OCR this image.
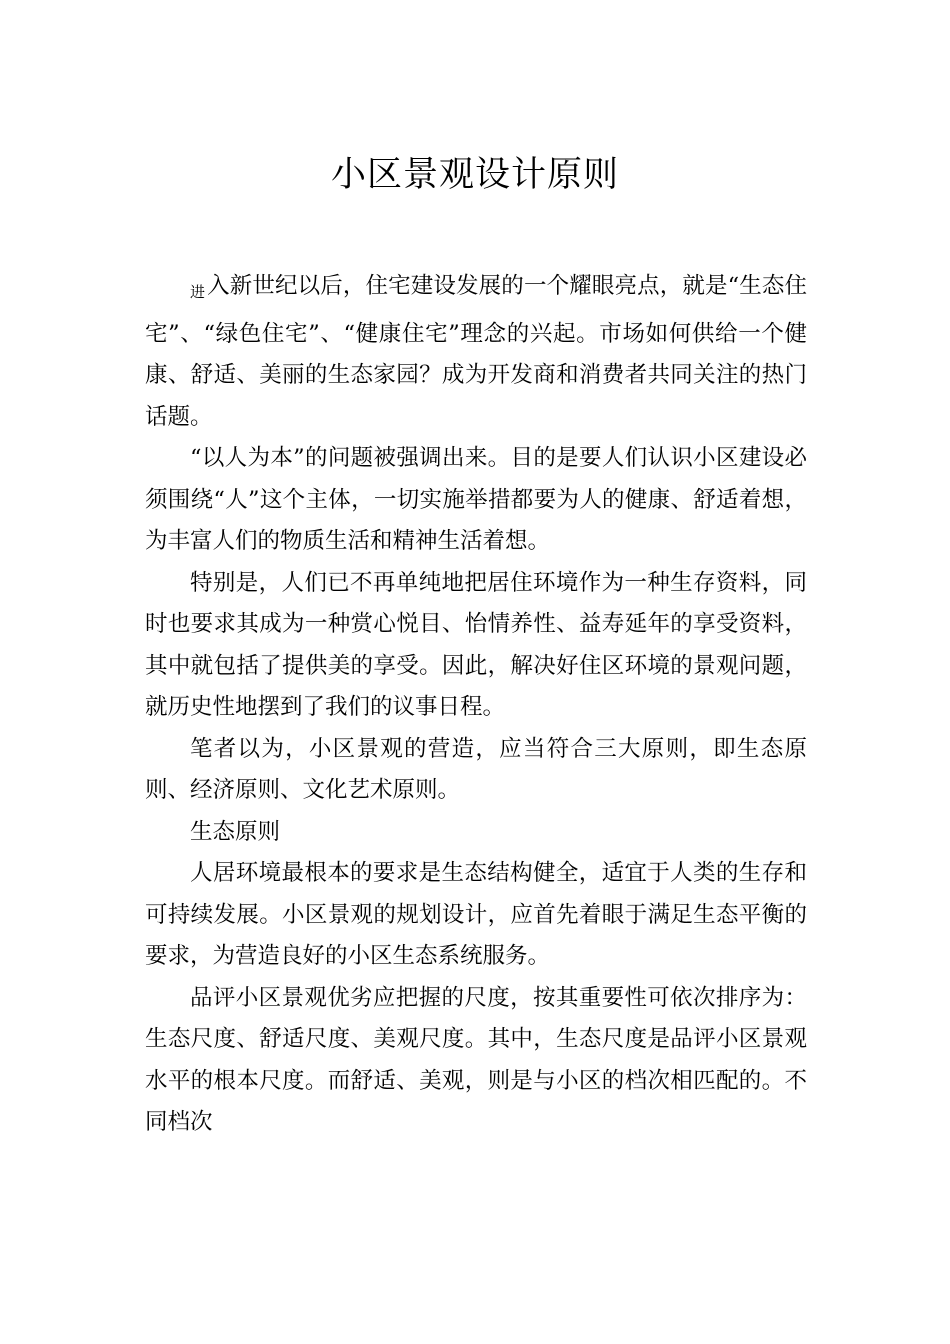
小区景观设计原则

进入新世纪以后，住宅建设发展的一个耀眼亮点，就是“生态住宅”、“绿色住宅”、“健康住宅”理念的兴起。市场如何供给一个健康、舒适、美丽的生态家园？成为开发商和消费者共同关注的热门话题。

“以人为本”的问题被强调出来。目的是要人们认识小区建设必须围绕“人”这个主体，一切实施举措都要为人的健康、舒适着想，为丰富人们的物质生活和精神生活着想。

特别是，人们已不再单纯地把居住环境作为一种生存资料，同时也要求其成为一种赏心悦目、怡情养性、益寿延年的享受资料，其中就包括了提供美的享受。因此，解决好住区环境的景观问题，就历史性地摆到了我们的议事日程。

笔者以为，小区景观的营造，应当符合三大原则，即生态原则、经济原则、文化艺术原则。

生态原则

人居环境最根本的要求是生态结构健全，适宜于人类的生存和可持续发展。小区景观的规划设计，应首先着眼于满足生态平衡的要求，为营造良好的小区生态系统服务。

品评小区景观优劣应把握的尺度，按其重要性可依次排序为：生态尺度、舒适尺度、美观尺度。其中，生态尺度是品评小区景观水平的根本尺度。而舒适、美观，则是与小区的档次相匹配的。不同档次
